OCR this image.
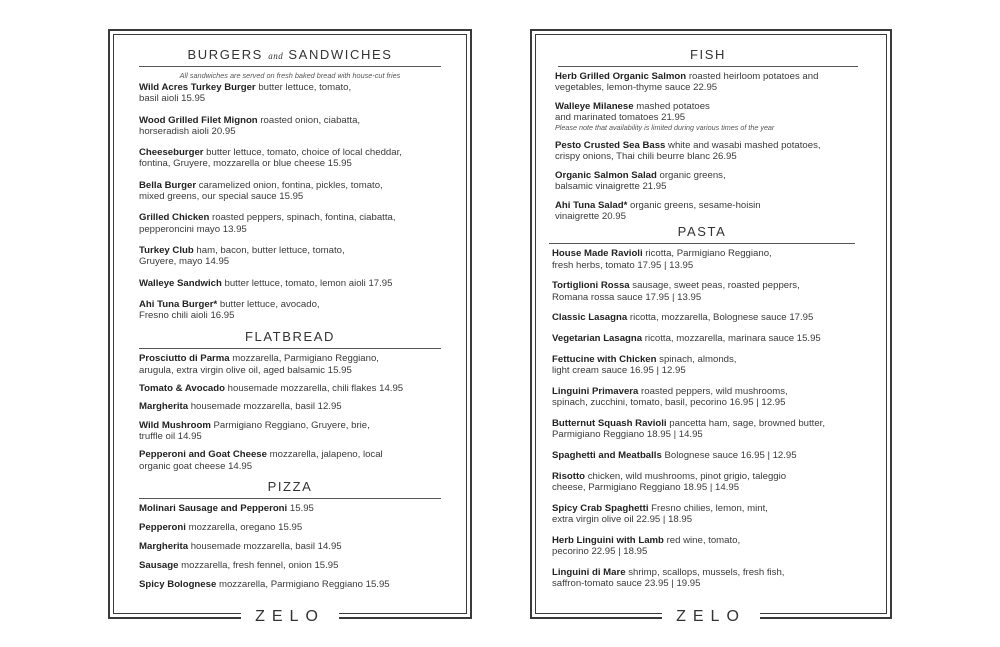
BURGERS and SANDWICHES
All sandwiches are served on fresh baked bread with house-cut fries
Wild Acres Turkey Burger butter lettuce, tomato,
basil aioli 15.95
Wood Grilled Filet Mignon roasted onion, ciabatta,
horseradish aioli 20.95
Cheeseburger butter lettuce, tomato, choice of local cheddar,
fontina, Gruyere, mozzarella or blue cheese 15.95
Bella Burger caramelized onion, fontina, pickles, tomato,
mixed greens, our special sauce 15.95
Grilled Chicken roasted peppers, spinach, fontina, ciabatta,
pepperoncini mayo 13.95
Turkey Club ham, bacon, butter lettuce, tomato,
Gruyere, mayo 14.95
Walleye Sandwich butter lettuce, tomato, lemon aioli 17.95
Ahi Tuna Burger* butter lettuce, avocado,
Fresno chili aioli 16.95
FLATBREAD
Prosciutto di Parma mozzarella, Parmigiano Reggiano,
arugula, extra virgin olive oil, aged balsamic 15.95
Tomato & Avocado housemade mozzarella, chili flakes 14.95
Margherita housemade mozzarella, basil 12.95
Wild Mushroom Parmigiano Reggiano, Gruyere, brie,
truffle oil 14.95
Pepperoni and Goat Cheese mozzarella, jalapeno, local
organic goat cheese 14.95
PIZZA
Molinari Sausage and Pepperoni 15.95
Pepperoni mozzarella, oregano 15.95
Margherita housemade mozzarella, basil 14.95
Sausage mozzarella, fresh fennel, onion 15.95
Spicy Bolognese mozzarella, Parmigiano Reggiano 15.95
ZELO
FISH
Herb Grilled Organic Salmon roasted heirloom potatoes and
vegetables, lemon-thyme sauce 22.95
Walleye Milanese mashed potatoes
and marinated tomatoes 21.95
Please note that availability is limited during various times of the year
Pesto Crusted Sea Bass white and wasabi mashed potatoes,
crispy onions, Thai chili beurre blanc 26.95
Organic Salmon Salad organic greens,
balsamic vinaigrette 21.95
Ahi Tuna Salad* organic greens, sesame-hoisin
vinaigrette 20.95
PASTA
House Made Ravioli ricotta, Parmigiano Reggiano,
fresh herbs, tomato 17.95 | 13.95
Tortiglioni Rossa sausage, sweet peas, roasted peppers,
Romana rossa sauce 17.95 | 13.95
Classic Lasagna ricotta, mozzarella, Bolognese sauce 17.95
Vegetarian Lasagna ricotta, mozzarella, marinara sauce 15.95
Fettucine with Chicken spinach, almonds,
light cream sauce 16.95 | 12.95
Linguini Primavera roasted peppers, wild mushrooms,
spinach, zucchini, tomato, basil, pecorino 16.95 | 12.95
Butternut Squash Ravioli pancetta ham, sage, browned butter,
Parmigiano Reggiano 18.95 | 14.95
Spaghetti and Meatballs Bolognese sauce 16.95 | 12.95
Risotto chicken, wild mushrooms, pinot grigio, taleggio
cheese, Parmigiano Reggiano 18.95 | 14.95
Spicy Crab Spaghetti Fresno chilies, lemon, mint,
extra virgin olive oil 22.95 | 18.95
Herb Linguini with Lamb red wine, tomato,
pecorino 22.95 | 18.95
Linguini di Mare shrimp, scallops, mussels, fresh fish,
saffron-tomato sauce 23.95 | 19.95
ZELO
